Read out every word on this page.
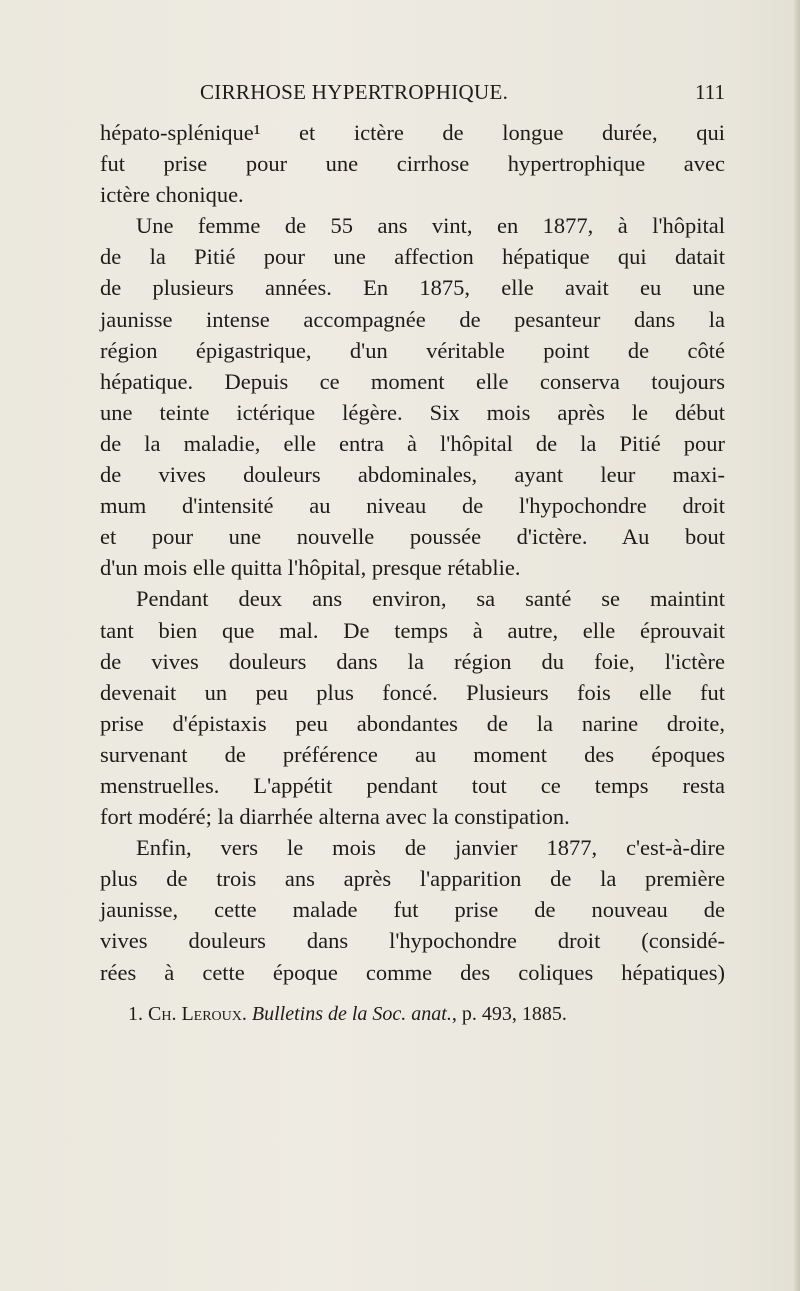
CIRRHOSE HYPERTROPHIQUE.	111
hépato-splénique¹ et ictère de longue durée, qui
fut prise pour une cirrhose hypertrophique avec
ictère chonique.
Une femme de 55 ans vint, en 1877, à l'hôpital
de la Pitié pour une affection hépatique qui datait
de plusieurs années. En 1875, elle avait eu une
jaunisse intense accompagnée de pesanteur dans la
région épigastrique, d'un véritable point de côté
hépatique. Depuis ce moment elle conserva toujours
une teinte ictérique légère. Six mois après le début
de la maladie, elle entra à l'hôpital de la Pitié pour
de vives douleurs abdominales, ayant leur maxi-
mum d'intensité au niveau de l'hypochondre droit
et pour une nouvelle poussée d'ictère. Au bout
d'un mois elle quitta l'hôpital, presque rétablie.
Pendant deux ans environ, sa santé se maintint
tant bien que mal. De temps à autre, elle éprouvait
de vives douleurs dans la région du foie, l'ictère
devenait un peu plus foncé. Plusieurs fois elle fut
prise d'épistaxis peu abondantes de la narine droite,
survenant de préférence au moment des époques
menstruelles. L'appétit pendant tout ce temps resta
fort modéré; la diarrhée alterna avec la constipation.
Enfin, vers le mois de janvier 1877, c'est-à-dire
plus de trois ans après l'apparition de la première
jaunisse, cette malade fut prise de nouveau de
vives douleurs dans l'hypochondre droit (considé-
rées à cette époque comme des coliques hépatiques)
1. Ch. Leroux. Bulletins de la Soc. anat., p. 493, 1885.
